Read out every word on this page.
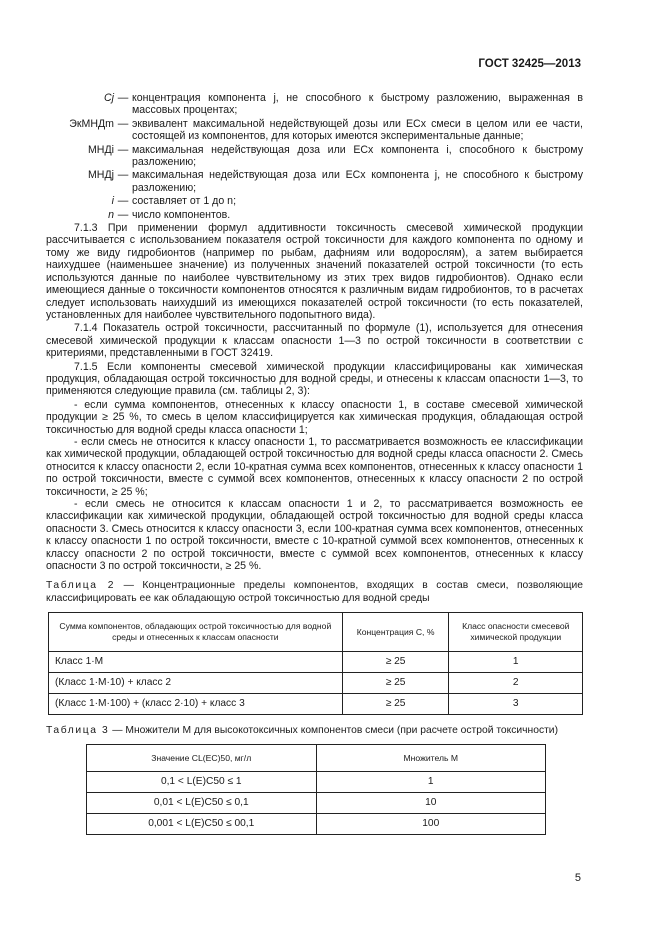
ГОСТ 32425—2013
Cj — концентрация компонента j, не способного к быстрому разложению, выраженная в массовых процентах;
ЭкМНДm — эквивалент максимальной недействующей дозы или ECx смеси в целом или ее части, состоящей из компонентов, для которых имеются экспериментальные данные;
МНДi — максимальная недействующая доза или ECx компонента i, способного к быстрому разложению;
МНДj — максимальная недействующая доза или ECx компонента j, не способного к быстрому разложению;
i — составляет от 1 до n;
n — число компонентов.

7.1.3 При применении формул аддитивности токсичность смесевой химической продукции рассчитывается с использованием показателя острой токсичности для каждого компонента по одному и тому же виду гидробионтов (например по рыбам, дафниям или водорослям), а затем выбирается наихудшее (наименьшее значение) из полученных значений показателей острой токсичности (то есть используются данные по наиболее чувствительному из этих трех видов гидробионтов). Однако если имеющиеся данные о токсичности компонентов относятся к различным видам гидробионтов, то в расчетах следует использовать наихудший из имеющихся показателей острой токсичности (то есть показателей, установленных для наиболее чувствительного подопытного вида).

7.1.4 Показатель острой токсичности, рассчитанный по формуле (1), используется для отнесения смесевой химической продукции к классам опасности 1—3 по острой токсичности в соответствии с критериями, представленными в ГОСТ 32419.

7.1.5 Если компоненты смесевой химической продукции классифицированы как химическая продукция, обладающая острой токсичностью для водной среды, и отнесены к классам опасности 1—3, то применяются следующие правила (см. таблицы 2, 3):

- если сумма компонентов, отнесенных к классу опасности 1, в составе смесевой химической продукции ≥ 25 %, то смесь в целом классифицируется как химическая продукция, обладающая острой токсичностью для водной среды класса опасности 1;

- если смесь не относится к классу опасности 1, то рассматривается возможность ее классификации как химической продукции, обладающей острой токсичностью для водной среды класса опасности 2. Смесь относится к классу опасности 2, если 10-кратная сумма всех компонентов, отнесенных к классу опасности 1 по острой токсичности, вместе с суммой всех компонентов, отнесенных к классу опасности 2 по острой токсичности, ≥ 25 %;

- если смесь не относится к классам опасности 1 и 2, то рассматривается возможность ее классификации как химической продукции, обладающей острой токсичностью для водной среды класса опасности 3. Смесь относится к классу опасности 3, если 100-кратная сумма всех компонентов, отнесенных к классу опасности 1 по острой токсичности, вместе с 10-кратной суммой всех компонентов, отнесенных к классу опасности 2 по острой токсичности, вместе с суммой всех компонентов, отнесенных к классу опасности 3 по острой токсичности, ≥ 25 %.

Таблица 2 — Концентрационные пределы компонентов, входящих в состав смеси, позволяющие классифицировать ее как обладающую острой токсичностью для водной среды
Сумма компонентов, обладающих острой токсичностью для водной среды и отнесенных к классам опасности	Концентрация C, %	Класс опасности смесевой химической продукции
Класс 1·M	≥ 25	1
(Класс 1·M·10) + класс 2	≥ 25	2
(Класс 1·M·100) + (класс 2·10) + класс 3	≥ 25	3
Таблица 3 — Множители М для высокотоксичных компонентов смеси (при расчете острой токсичности)
Значение CL(EC)50, мг/л	Множитель М
0,1 < L(E)C50 ≤ 1	1
0,01 < L(E)C50 ≤ 0,1	10
0,001 < L(E)C50 ≤ 00,1	100
5
